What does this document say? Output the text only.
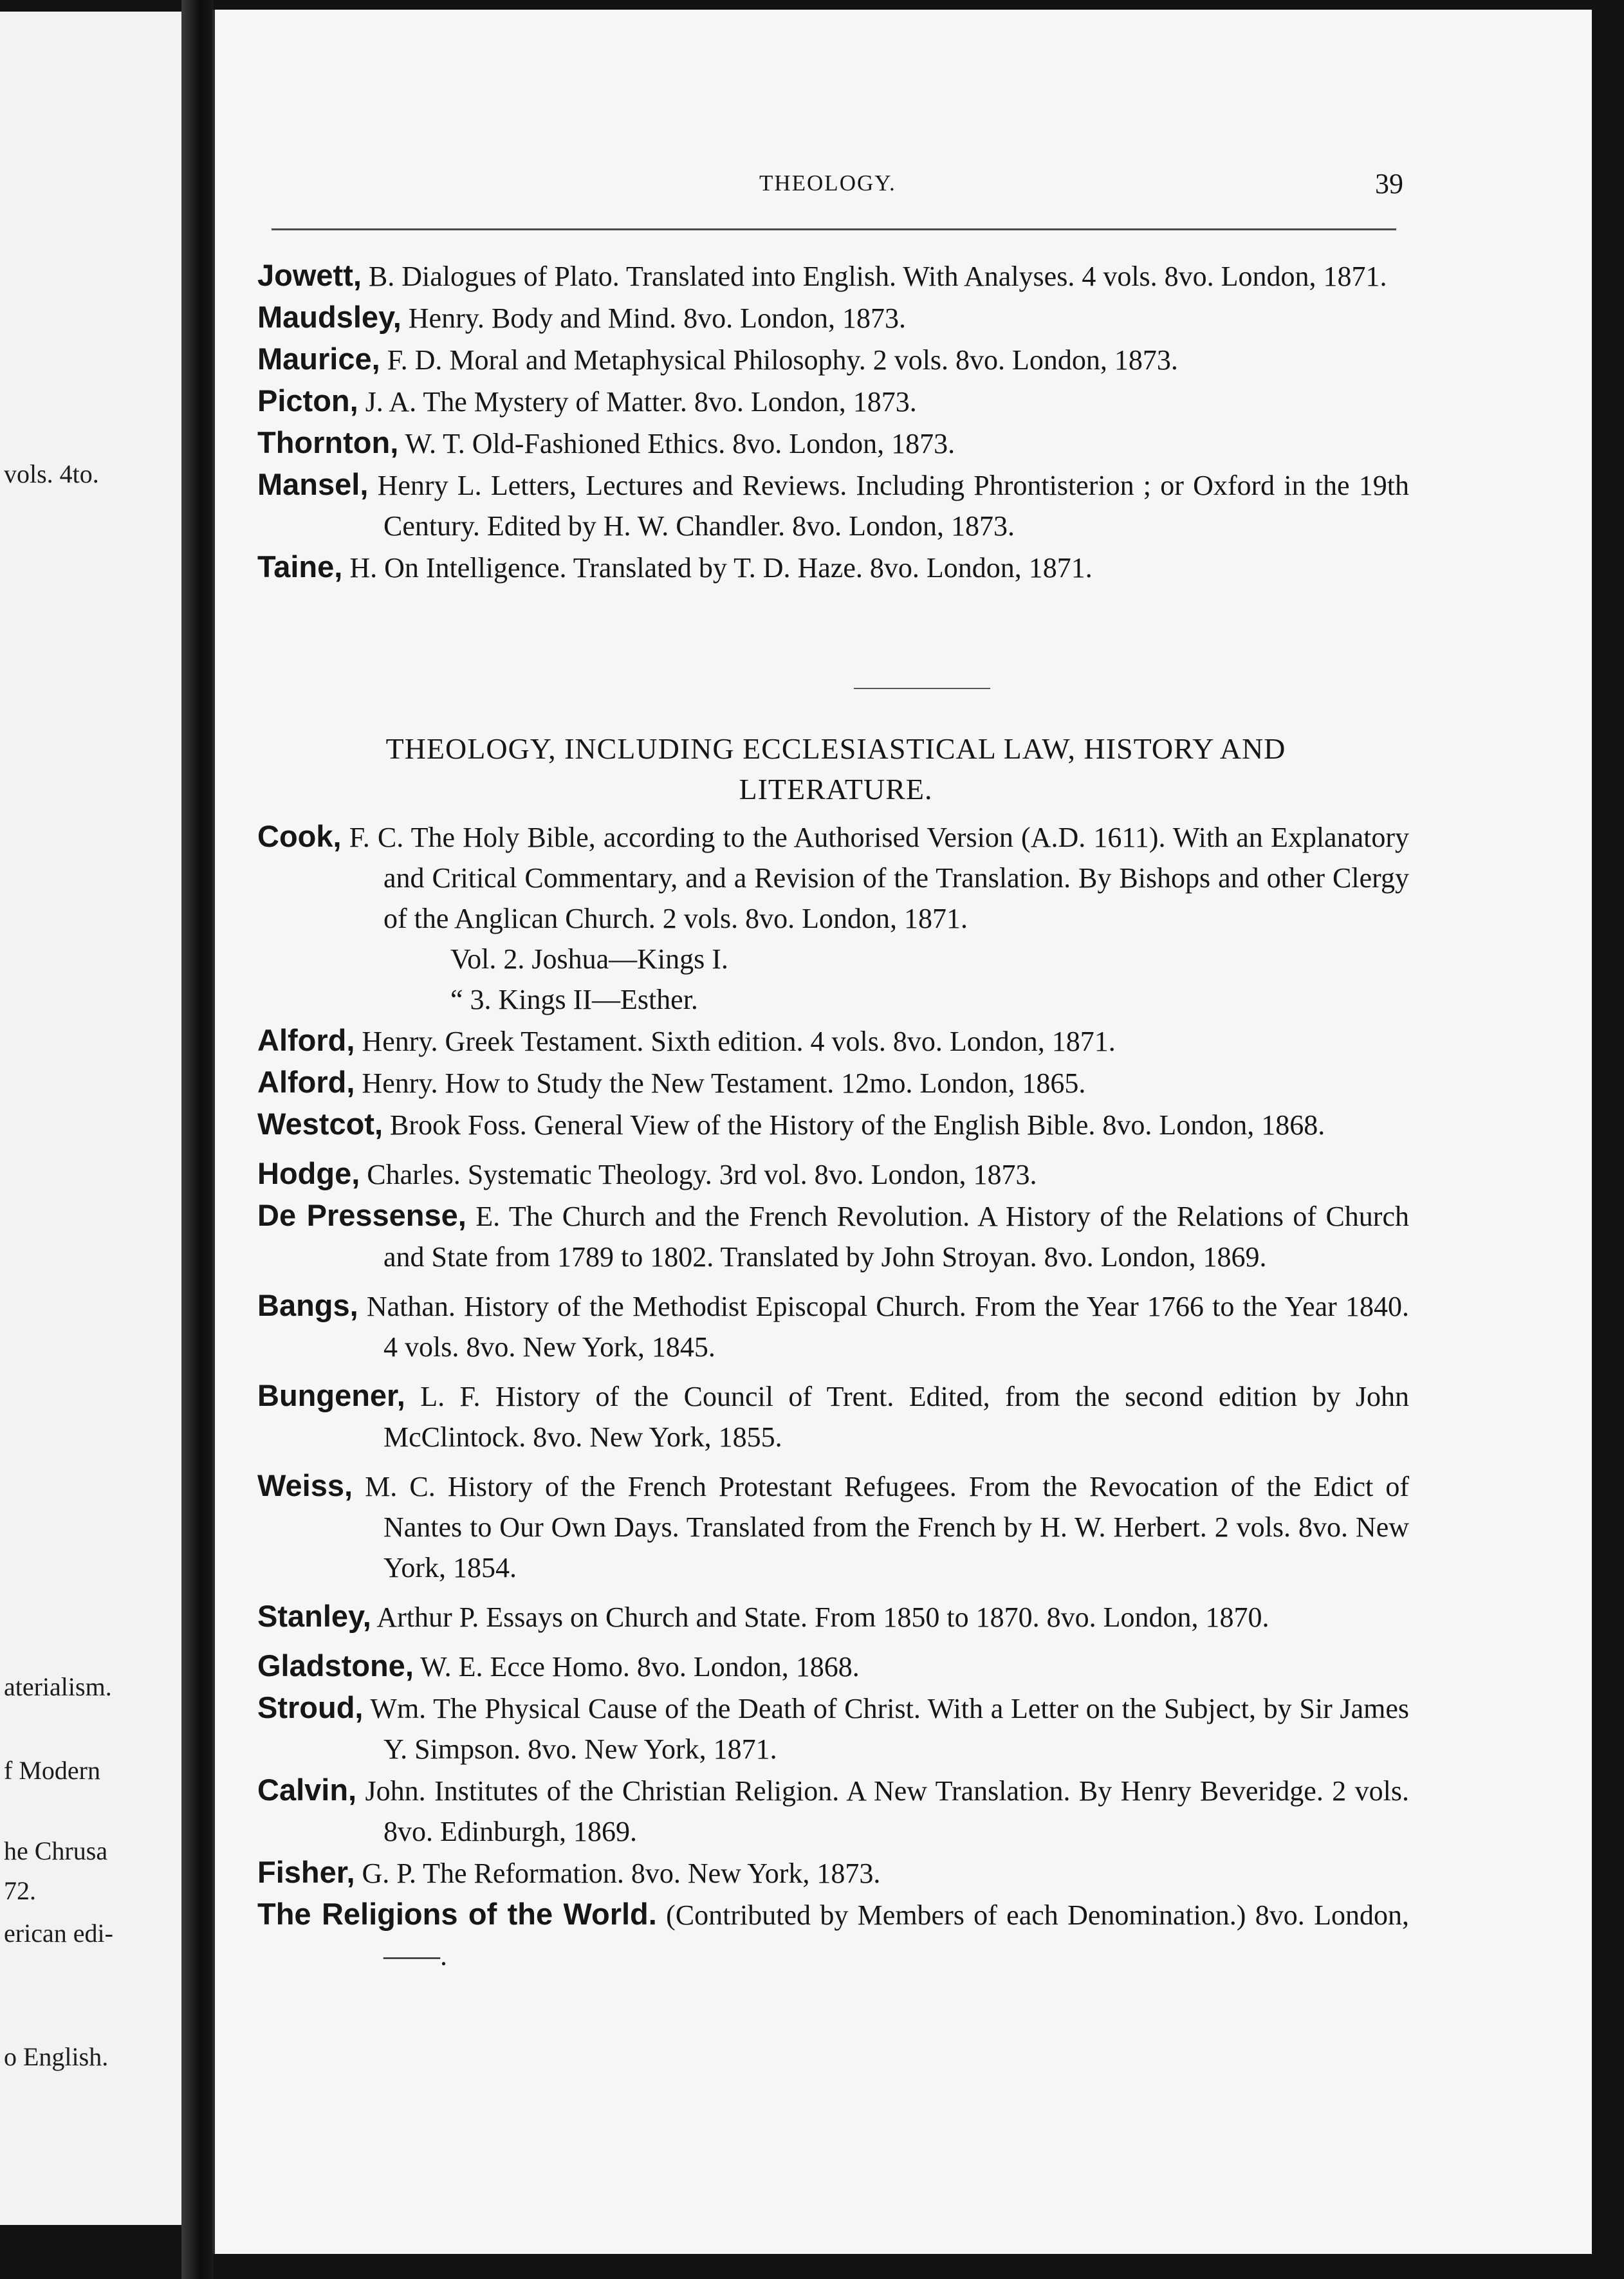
vols. 4to.
aterialism.
f Modern
he Chrusa
72.
erican edi-
o English.
THEOLOGY.	39

Jowett, B. Dialogues of Plato. Translated into English. With Analyses. 4 vols. 8vo. London, 1871.

Maudsley, Henry. Body and Mind. 8vo. London, 1873.

Maurice, F. D. Moral and Metaphysical Philosophy. 2 vols. 8vo. London, 1873.

Picton, J. A. The Mystery of Matter. 8vo. London, 1873.

Thornton, W. T. Old-Fashioned Ethics. 8vo. London, 1873.

Mansel, Henry L. Letters, Lectures and Reviews. Including Phrontisterion ; or Oxford in the 19th Century. Edited by H. W. Chandler. 8vo. London, 1873.

Taine, H. On Intelligence. Translated by T. D. Haze. 8vo. London, 1871.

THEOLOGY, INCLUDING ECCLESIASTICAL LAW, HISTORY AND LITERATURE.

Cook, F. C. The Holy Bible, according to the Authorised Version (A.D. 1611). With an Explanatory and Critical Commentary, and a Revision of the Translation. By Bishops and other Clergy of the Anglican Church. 2 vols. 8vo. London, 1871.

Vol. 2. Joshua—Kings I.

“ 3. Kings II—Esther.

Alford, Henry. Greek Testament. Sixth edition. 4 vols. 8vo. London, 1871.

Alford, Henry. How to Study the New Testament. 12mo. London, 1865.

Westcot, Brook Foss. General View of the History of the English Bible. 8vo. London, 1868.

Hodge, Charles. Systematic Theology. 3rd vol. 8vo. London, 1873.

De Pressense, E. The Church and the French Revolution. A History of the Relations of Church and State from 1789 to 1802. Translated by John Stroyan. 8vo. London, 1869.

Bangs, Nathan. History of the Methodist Episcopal Church. From the Year 1766 to the Year 1840. 4 vols. 8vo. New York, 1845.

Bungener, L. F. History of the Council of Trent. Edited, from the second edition by John McClintock. 8vo. New York, 1855.

Weiss, M. C. History of the French Protestant Refugees. From the Revocation of the Edict of Nantes to Our Own Days. Translated from the French by H. W. Herbert. 2 vols. 8vo. New York, 1854.

Stanley, Arthur P. Essays on Church and State. From 1850 to 1870. 8vo. London, 1870.

Gladstone, W. E. Ecce Homo. 8vo. London, 1868.

Stroud, Wm. The Physical Cause of the Death of Christ. With a Letter on the Subject, by Sir James Y. Simpson. 8vo. New York, 1871.

Calvin, John. Institutes of the Christian Religion. A New Translation. By Henry Beveridge. 2 vols. 8vo. Edinburgh, 1869.

Fisher, G. P. The Reformation. 8vo. New York, 1873.

The Religions of the World. (Contributed by Members of each Denomination.) 8vo. London, ——.
